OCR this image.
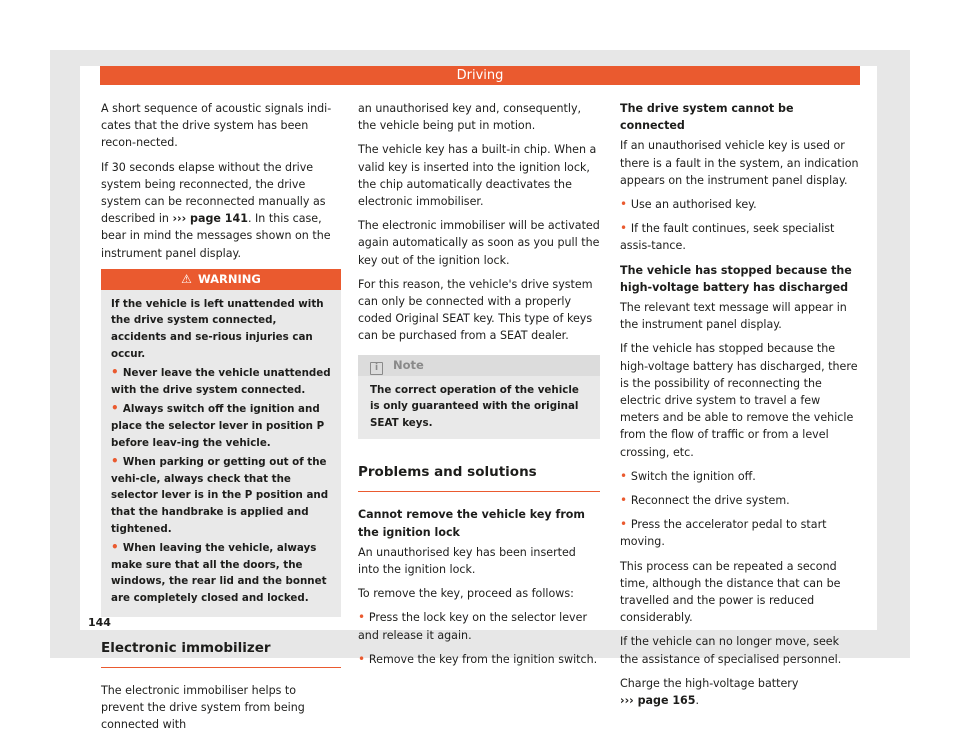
Driving

A short sequence of acoustic signals indi-cates that the drive system has been recon-nected.

If 30 seconds elapse without the drive system being reconnected, the drive system can be reconnected manually as described in ››› page 141. In this case, bear in mind the messages shown on the instrument panel display.

⚠ WARNING

If the vehicle is left unattended with the drive system connected, accidents and se-rious injuries can occur.

• Never leave the vehicle unattended with the drive system connected.

• Always switch off the ignition and place the selector lever in position P before leav-ing the vehicle.

• When parking or getting out of the vehi-cle, always check that the selector lever is in the P position and that the handbrake is applied and tightened.

• When leaving the vehicle, always make sure that all the doors, the windows, the rear lid and the bonnet are completely closed and locked.

Electronic immobilizer

The electronic immobiliser helps to prevent the drive system from being connected with

an unauthorised key and, consequently, the vehicle being put in motion.

The vehicle key has a built-in chip. When a valid key is inserted into the ignition lock, the chip automatically deactivates the electronic immobiliser.

The electronic immobiliser will be activated again automatically as soon as you pull the key out of the ignition lock.

For this reason, the vehicle's drive system can only be connected with a properly coded Original SEAT key. This type of keys can be purchased from a SEAT dealer.

i Note
The correct operation of the vehicle is only guaranteed with the original SEAT keys.
Problems and solutions
Cannot remove the vehicle key from the ignition lock

An unauthorised key has been inserted into the ignition lock.

To remove the key, proceed as follows:

• Press the lock key on the selector lever and release it again.

• Remove the key from the ignition switch.

The drive system cannot be connected

If an unauthorised vehicle key is used or there is a fault in the system, an indication appears on the instrument panel display.

• Use an authorised key.

• If the fault continues, seek specialist assis-tance.

The vehicle has stopped because the high-voltage battery has discharged

The relevant text message will appear in the instrument panel display.

If the vehicle has stopped because the high-voltage battery has discharged, there is the possibility of reconnecting the electric drive system to travel a few meters and be able to remove the vehicle from the flow of traffic or from a level crossing, etc.

• Switch the ignition off.

• Reconnect the drive system.

• Press the accelerator pedal to start moving.

This process can be repeated a second time, although the distance that can be travelled and the power is reduced considerably.

If the vehicle can no longer move, seek the assistance of specialised personnel.

Charge the high-voltage battery
››› page 165.

144
